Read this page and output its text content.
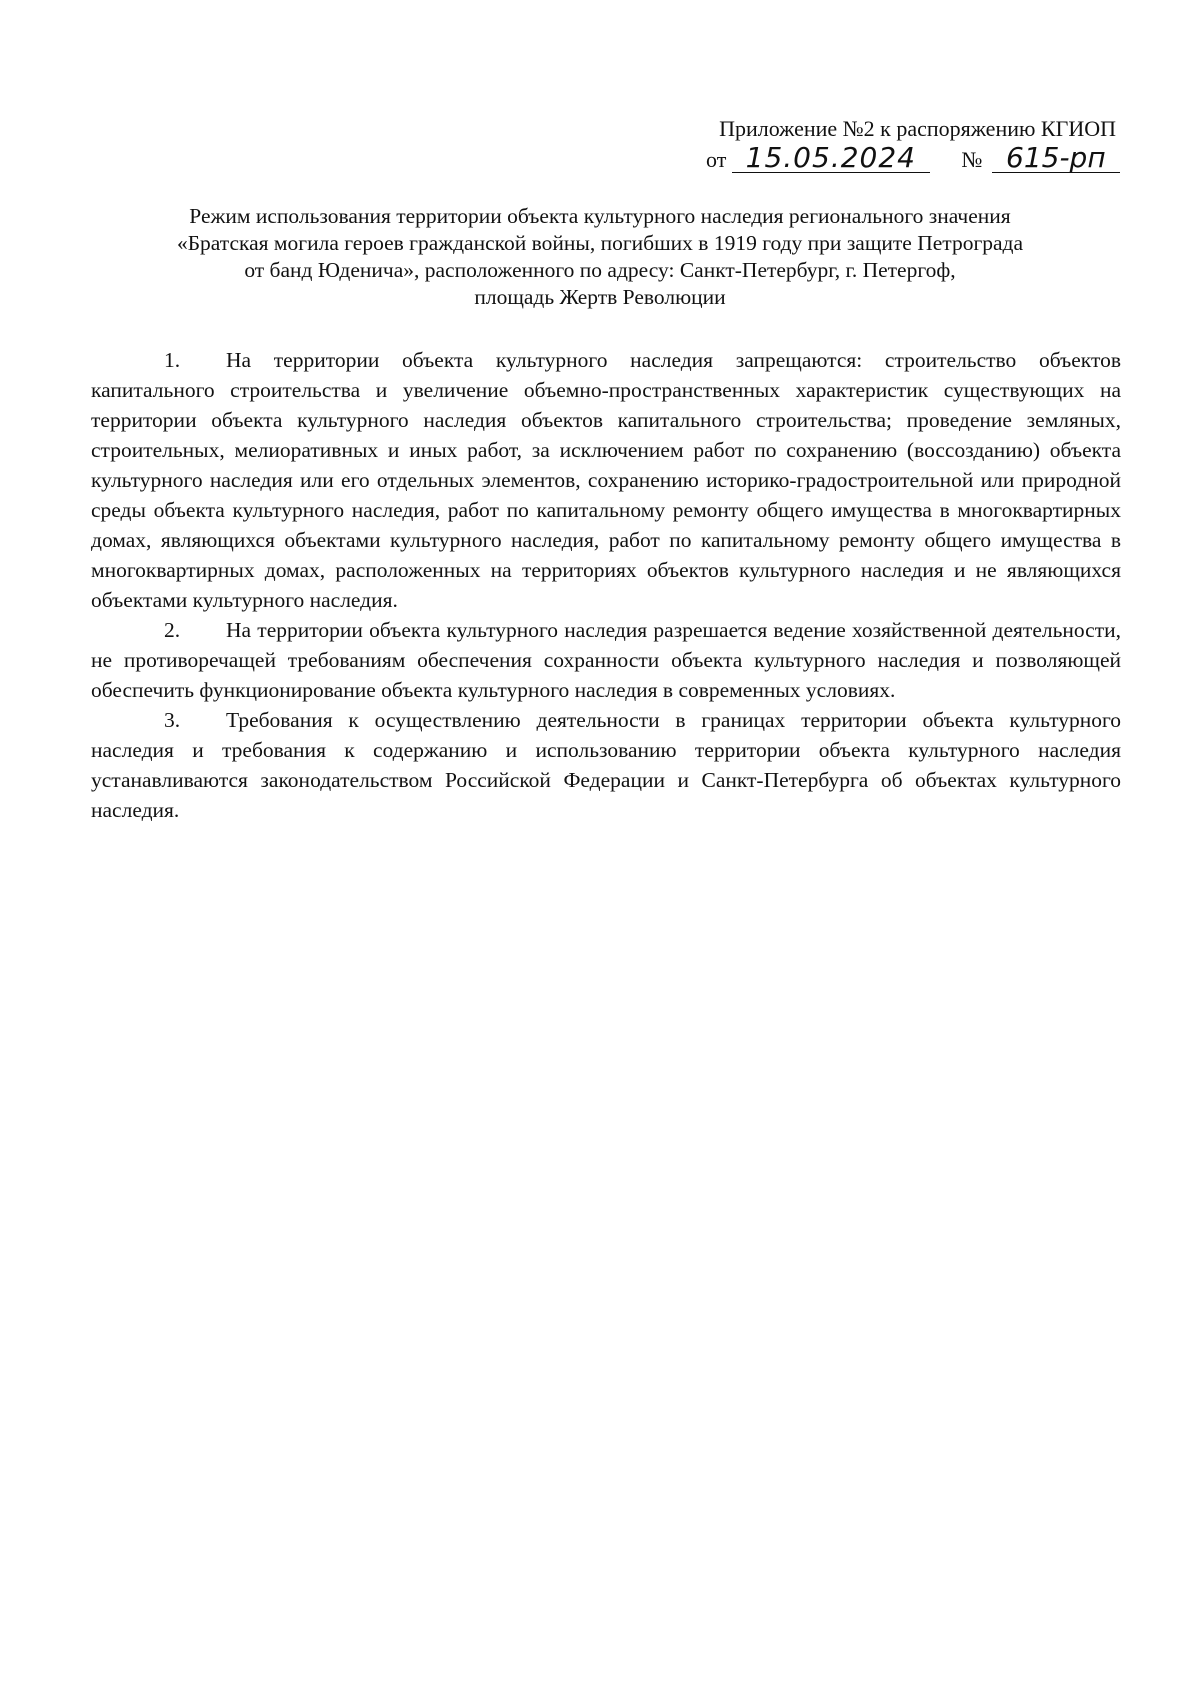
Приложение №2 к распоряжению КГИОП
от 15.05.2024 № 615-рп
Режим использования территории объекта культурного наследия регионального значения
«Братская могила героев гражданской войны, погибших в 1919 году при защите Петрограда
от банд Юденича», расположенного по адресу: Санкт-Петербург, г. Петергоф,
площадь Жертв Революции

1. На территории объекта культурного наследия запрещаются: строительство объектов капитального строительства и увеличение объемно-пространственных характеристик существующих на территории объекта культурного наследия объектов капитального строительства; проведение земляных, строительных, мелиоративных и иных работ, за исключением работ по сохранению (воссозданию) объекта культурного наследия или его отдельных элементов, сохранению историко-градостроительной или природной среды объекта культурного наследия, работ по капитальному ремонту общего имущества в многоквартирных домах, являющихся объектами культурного наследия, работ по капитальному ремонту общего имущества в многоквартирных домах, расположенных на территориях объектов культурного наследия и не являющихся объектами культурного наследия.

2. На территории объекта культурного наследия разрешается ведение хозяйственной деятельности, не противоречащей требованиям обеспечения сохранности объекта культурного наследия и позволяющей обеспечить функционирование объекта культурного наследия в современных условиях.

3. Требования к осуществлению деятельности в границах территории объекта культурного наследия и требования к содержанию и использованию территории объекта культурного наследия устанавливаются законодательством Российской Федерации и Санкт-Петербурга об объектах культурного наследия.
